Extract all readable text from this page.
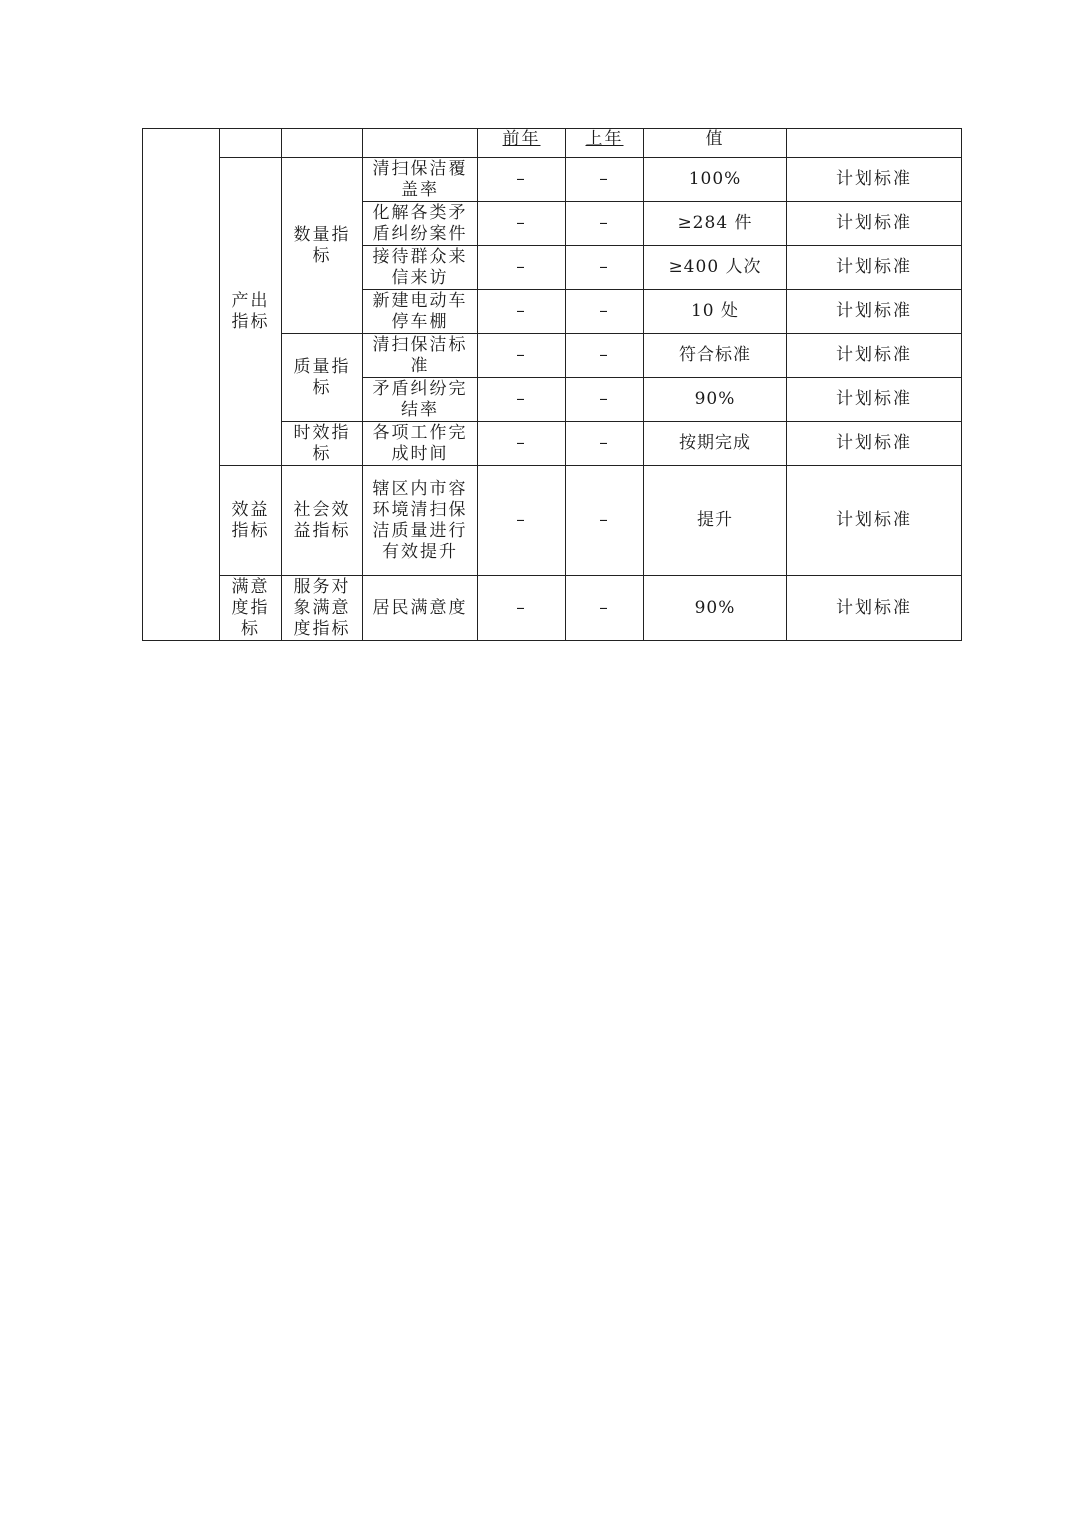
				前年	上年	值	
	产出指标	数量指标	清扫保洁覆盖率	–	–	100%	计划标准
			化解各类矛盾纠纷案件	–	–	≥284 件	计划标准
			接待群众来信来访	–	–	≥400 人次	计划标准
			新建电动车停车棚	–	–	10 处	计划标准
		质量指标	清扫保洁标准	–	–	符合标准	计划标准
			矛盾纠纷完结率	–	–	90%	计划标准
		时效指标	各项工作完成时间	–	–	按期完成	计划标准
	效益指标	社会效益指标	辖区内市容环境清扫保洁质量进行有效提升	–	–	提升	计划标准
	满意度指标	服务对象满意度指标	居民满意度	–	–	90%	计划标准
